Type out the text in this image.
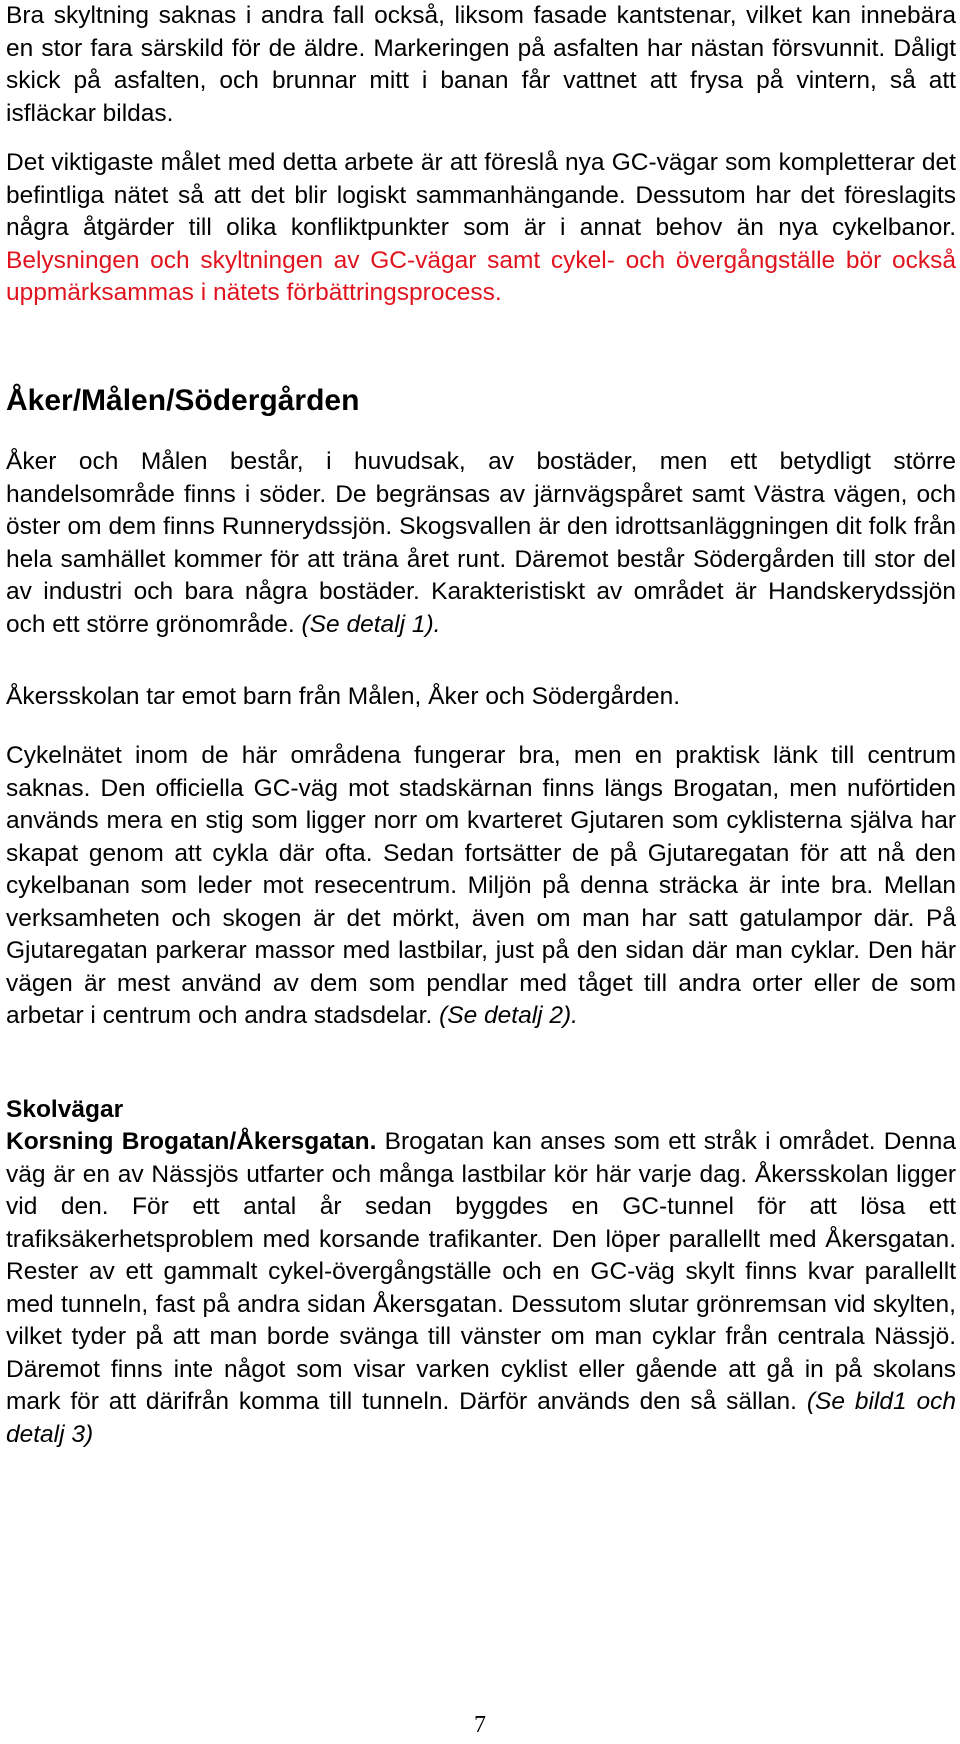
Bra skyltning saknas i andra fall också, liksom fasade kantstenar, vilket kan innebära en stor fara särskild för de äldre. Markeringen på asfalten har nästan försvunnit. Dåligt skick på asfalten, och brunnar mitt i banan får vattnet att frysa på vintern, så att isfläckar bildas.

Det viktigaste målet med detta arbete är att föreslå nya GC-vägar som kompletterar det befintliga nätet så att det blir logiskt sammanhängande. Dessutom har det föreslagits några åtgärder till olika konfliktpunkter som är i annat behov än nya cykelbanor. Belysningen och skyltningen av GC-vägar samt cykel- och övergångställe bör också uppmärksammas i nätets förbättringsprocess.

Åker/Målen/Södergården

Åker och Målen består, i huvudsak, av bostäder, men ett betydligt större handelsområde finns i söder. De begränsas av järnvägspåret samt Västra vägen, och öster om dem finns Runnerydssjön. Skogsvallen är den idrottsanläggningen dit folk från hela samhället kommer för att träna året runt. Däremot består Södergården till stor del av industri och bara några bostäder. Karakteristiskt av området är Handskerydssjön och ett större grönområde. (Se detalj 1).

Åkersskolan tar emot barn från Målen, Åker och Södergården.

Cykelnätet inom de här områdena fungerar bra, men en praktisk länk till centrum saknas. Den officiella GC-väg mot stadskärnan finns längs Brogatan, men nuförtiden används mera en stig som ligger norr om kvarteret Gjutaren som cyklisterna själva har skapat genom att cykla där ofta. Sedan fortsätter de på Gjutaregatan för att nå den cykelbanan som leder mot resecentrum. Miljön på denna sträcka är inte bra. Mellan verksamheten och skogen är det mörkt, även om man har satt gatulampor där. På Gjutaregatan parkerar massor med lastbilar, just på den sidan där man cyklar. Den här vägen är mest använd av dem som pendlar med tåget till andra orter eller de som arbetar i centrum och andra stadsdelar. (Se detalj 2).

Skolvägar

Korsning Brogatan/Åkersgatan. Brogatan kan anses som ett stråk i området. Denna väg är en av Nässjös utfarter och många lastbilar kör här varje dag. Åkersskolan ligger vid den. För ett antal år sedan byggdes en GC-tunnel för att lösa ett trafiksäkerhetsproblem med korsande trafikanter. Den löper parallellt med Åkersgatan. Rester av ett gammalt cykel-övergångställe och en GC-väg skylt finns kvar parallellt med tunneln, fast på andra sidan Åkersgatan. Dessutom slutar grönremsan vid skylten, vilket tyder på att man borde svänga till vänster om man cyklar från centrala Nässjö. Däremot finns inte något som visar varken cyklist eller gående att gå in på skolans mark för att därifrån komma till tunneln. Därför används den så sällan. (Se bild1 och detalj 3)

7
